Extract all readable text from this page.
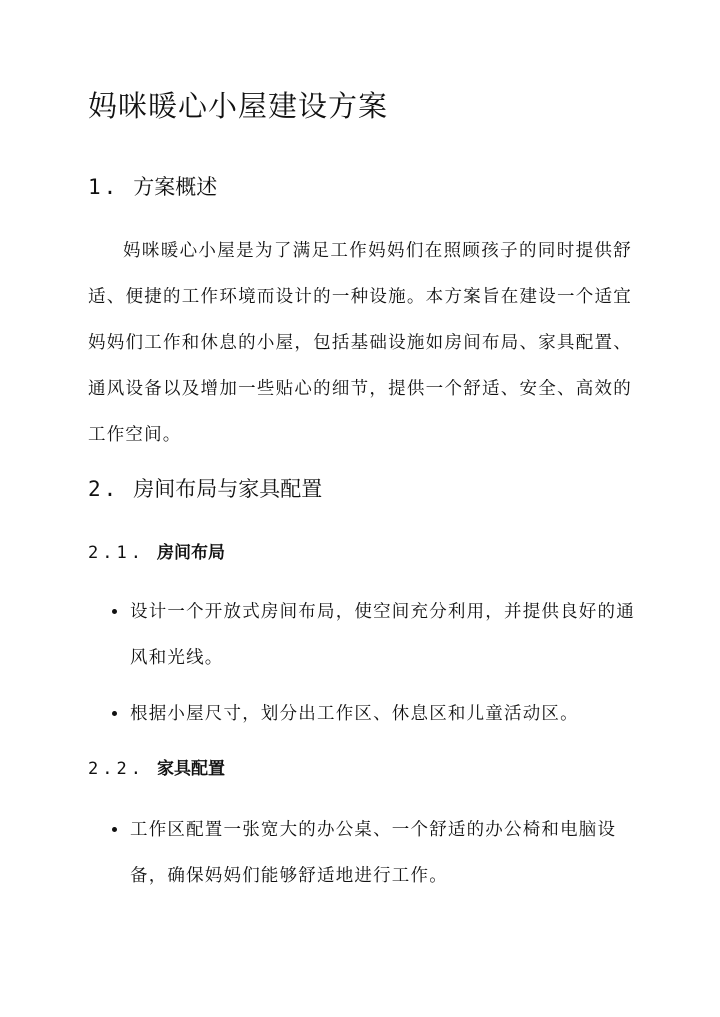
妈咪暖心小屋建设方案
1. 方案概述

妈咪暖心小屋是为了满足工作妈妈们在照顾孩子的同时提供舒适、便捷的工作环境而设计的一种设施。本方案旨在建设一个适宜妈妈们工作和休息的小屋，包括基础设施如房间布局、家具配置、通风设备以及增加一些贴心的细节，提供一个舒适、安全、高效的工作空间。

2. 房间布局与家具配置
2.1. 房间布局

设计一个开放式房间布局，使空间充分利用，并提供良好的通风和光线。

根据小屋尺寸，划分出工作区、休息区和儿童活动区。

2.2. 家具配置

工作区配置一张宽大的办公桌、一个舒适的办公椅和电脑设备，确保妈妈们能够舒适地进行工作。
